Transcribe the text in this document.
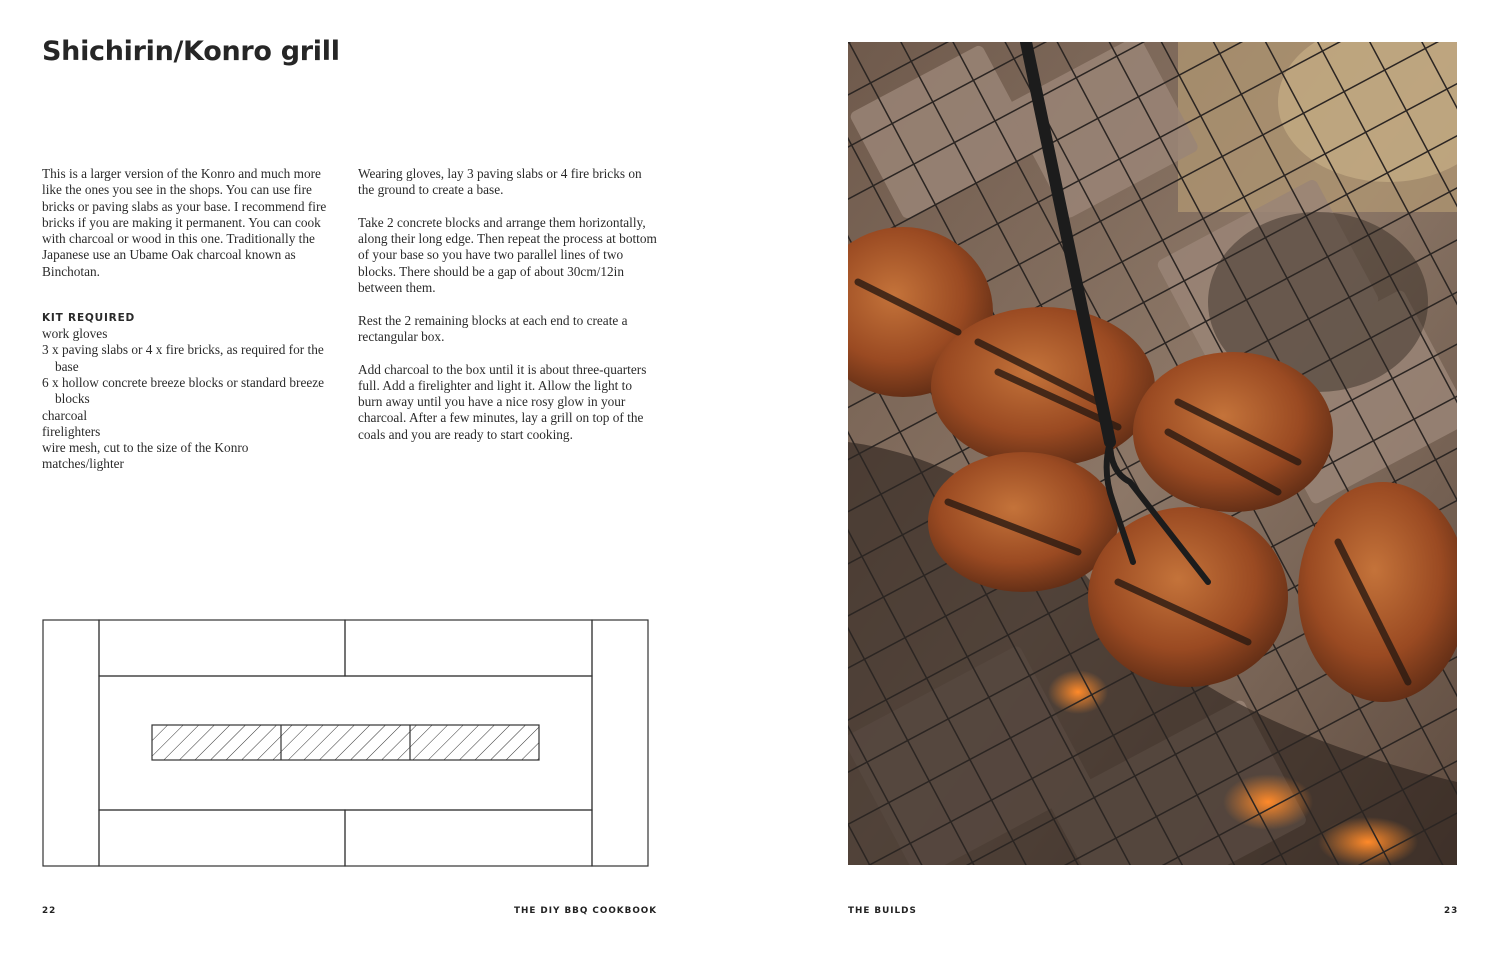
Shichirin/Konro grill

This is a larger version of the Konro and much more like the ones you see in the shops. You can use fire bricks or paving slabs as your base. I recommend fire bricks if you are making it permanent. You can cook with charcoal or wood in this one. Traditionally the Japanese use an Ubame Oak charcoal known as Binchotan.

KIT REQUIRED
work gloves
3 x paving slabs or 4 x fire bricks, as required for the base
6 x hollow concrete breeze blocks or standard breeze blocks
charcoal
firelighters
wire mesh, cut to the size of the Konro
matches/lighter

Wearing gloves, lay 3 paving slabs or 4 fire bricks on the ground to create a base.

Take 2 concrete blocks and arrange them horizontally, along their long edge. Then repeat the process at bottom of your base so you have two parallel lines of two blocks. There should be a gap of about 30cm/12in between them.

Rest the 2 remaining blocks at each end to create a rectangular box.

Add charcoal to the box until it is about three-quarters full. Add a firelighter and light it. Allow the light to burn away until you have a nice rosy glow in your charcoal. After a few minutes, lay a grill on top of the coals and you are ready to start cooking.

22	THE DIY BBQ COOKBOOK	THE BUILDS	23
